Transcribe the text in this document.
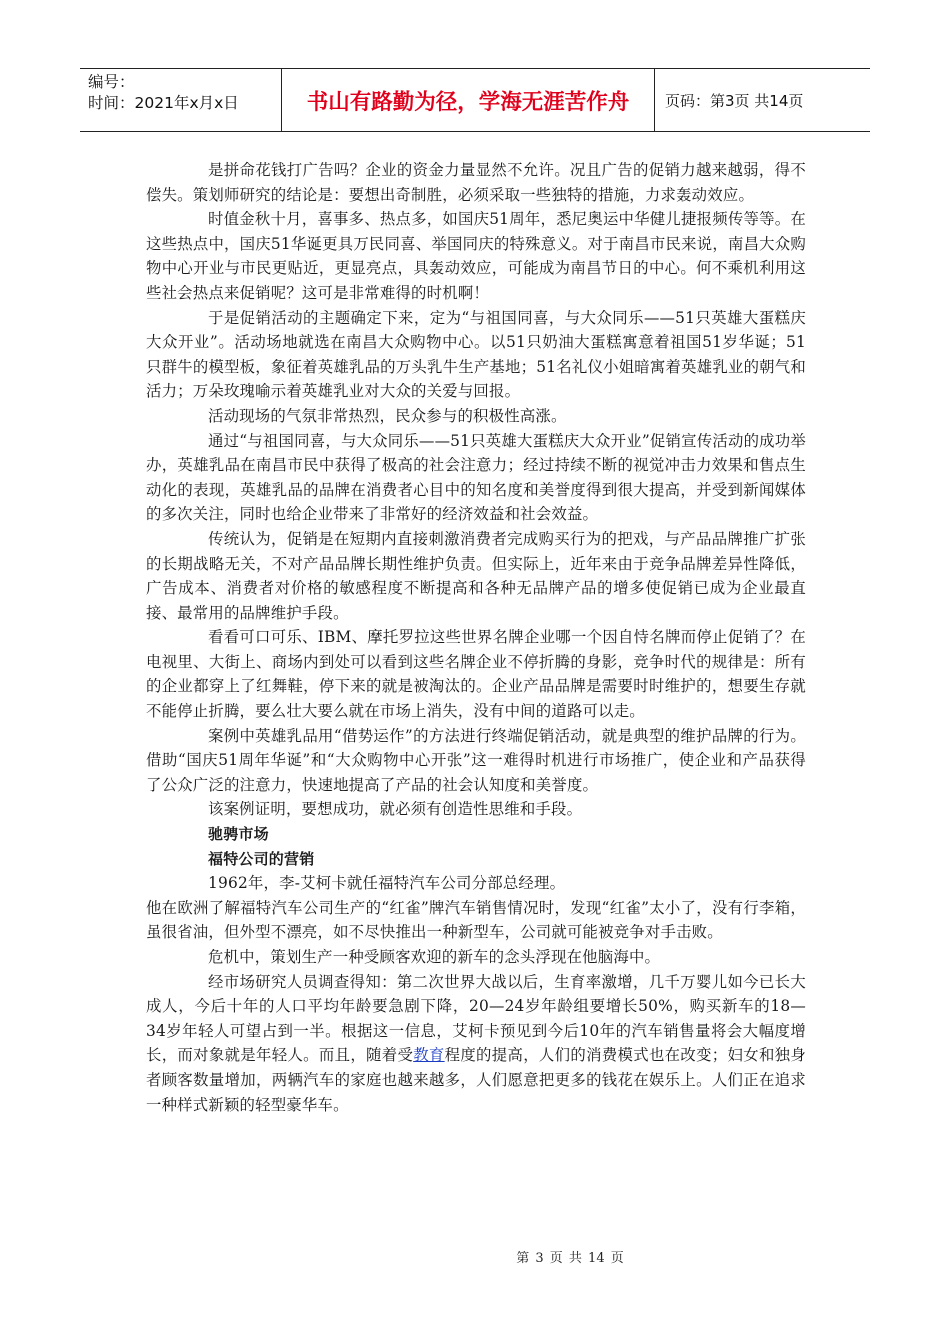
编号：
时间：2021年x月x日	书山有路勤为径，学海无涯苦作舟	页码：第3页 共14页

是拼命花钱打广告吗？企业的资金力量显然不允许。况且广告的促销力越来越弱，得不偿失。策划师研究的结论是：要想出奇制胜，必须采取一些独特的措施，力求轰动效应。

时值金秋十月，喜事多、热点多，如国庆51周年，悉尼奥运中华健儿捷报频传等等。在这些热点中，国庆51华诞更具万民同喜、举国同庆的特殊意义。对于南昌市民来说，南昌大众购物中心开业与市民更贴近，更显亮点，具轰动效应，可能成为南昌节日的中心。何不乘机利用这些社会热点来促销呢？这可是非常难得的时机啊！

于是促销活动的主题确定下来，定为“与祖国同喜，与大众同乐——51只英雄大蛋糕庆大众开业”。活动场地就选在南昌大众购物中心。以51只奶油大蛋糕寓意着祖国51岁华诞；51只群牛的模型板，象征着英雄乳品的万头乳牛生产基地；51名礼仪小姐暗寓着英雄乳业的朝气和活力；万朵玫瑰喻示着英雄乳业对大众的关爱与回报。

活动现场的气氛非常热烈，民众参与的积极性高涨。

通过“与祖国同喜，与大众同乐——51只英雄大蛋糕庆大众开业”促销宣传活动的成功举办，英雄乳品在南昌市民中获得了极高的社会注意力；经过持续不断的视觉冲击力效果和售点生动化的表现，英雄乳品的品牌在消费者心目中的知名度和美誉度得到很大提高，并受到新闻媒体的多次关注，同时也给企业带来了非常好的经济效益和社会效益。

传统认为，促销是在短期内直接刺激消费者完成购买行为的把戏，与产品品牌推广扩张的长期战略无关，不对产品品牌长期性维护负责。但实际上，近年来由于竞争品牌差异性降低，广告成本、消费者对价格的敏感程度不断提高和各种无品牌产品的增多使促销已成为企业最直接、最常用的品牌维护手段。

看看可口可乐、IBM、摩托罗拉这些世界名牌企业哪一个因自恃名牌而停止促销了？在电视里、大街上、商场内到处可以看到这些名牌企业不停折腾的身影，竞争时代的规律是：所有的企业都穿上了红舞鞋，停下来的就是被淘汰的。企业产品品牌是需要时时维护的，想要生存就不能停止折腾，要么壮大要么就在市场上消失，没有中间的道路可以走。

案例中英雄乳品用“借势运作”的方法进行终端促销活动，就是典型的维护品牌的行为。借助“国庆51周年华诞”和“大众购物中心开张”这一难得时机进行市场推广，使企业和产品获得了公众广泛的注意力，快速地提高了产品的社会认知度和美誉度。

该案例证明，要想成功，就必须有创造性思维和手段。

驰骋市场

福特公司的营销

1962年，李-艾柯卡就任福特汽车公司分部总经理。

他在欧洲了解福特汽车公司生产的“红雀”牌汽车销售情况时，发现“红雀”太小了，没有行李箱，虽很省油，但外型不漂亮，如不尽快推出一种新型车，公司就可能被竞争对手击败。

危机中，策划生产一种受顾客欢迎的新车的念头浮现在他脑海中。

经市场研究人员调查得知：第二次世界大战以后，生育率激增，几千万婴儿如今已长大成人，今后十年的人口平均年龄要急剧下降，20—24岁年龄组要增长50%，购买新车的18—34岁年轻人可望占到一半。根据这一信息，艾柯卡预见到今后10年的汽车销售量将会大幅度增长，而对象就是年轻人。而且，随着受教育程度的提高，人们的消费模式也在改变；妇女和独身者顾客数量增加，两辆汽车的家庭也越来越多，人们愿意把更多的钱花在娱乐上。人们正在追求一种样式新颖的轻型豪华车。

第 3 页 共 14 页
